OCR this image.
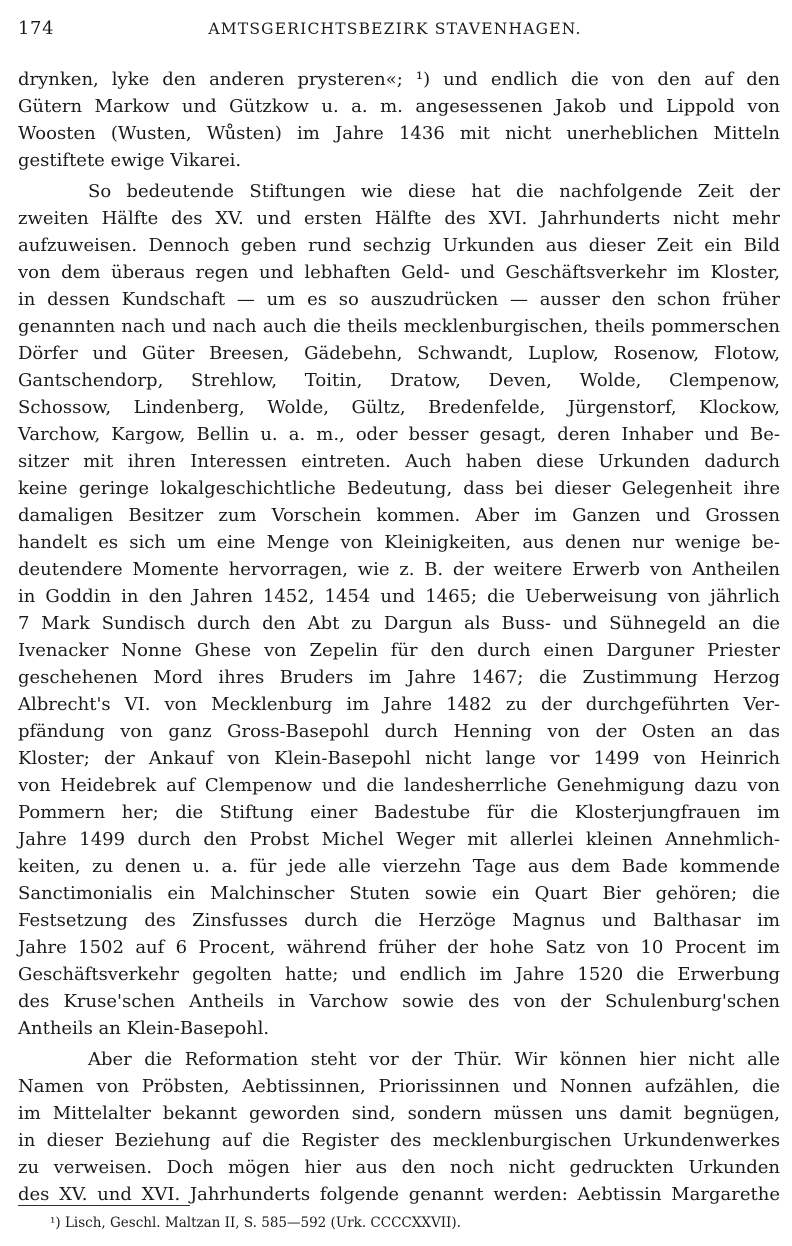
174	AMTSGERICHTSBEZIRK STAVENHAGEN.
drynken, lyke den anderen prysteren«; ¹) und endlich die von den auf den
Gütern Markow und Gützkow u. a. m. angesessenen Jakob und Lippold von
Woosten (Wusten, Wůsten) im Jahre 1436 mit nicht unerheblichen Mitteln
gestiftete ewige Vikarei.
So bedeutende Stiftungen wie diese hat die nachfolgende Zeit der
zweiten Hälfte des XV. und ersten Hälfte des XVI. Jahrhunderts nicht mehr
aufzuweisen. Dennoch geben rund sechzig Urkunden aus dieser Zeit ein Bild
von dem überaus regen und lebhaften Geld- und Geschäftsverkehr im Kloster,
in dessen Kundschaft — um es so auszudrücken — ausser den schon früher
genannten nach und nach auch die theils mecklenburgischen, theils pommerschen
Dörfer und Güter Breesen, Gädebehn, Schwandt, Luplow, Rosenow, Flotow,
Gantschendorp, Strehlow, Toitin, Dratow, Deven, Wolde, Clempenow,
Schossow, Lindenberg, Wolde, Gültz, Bredenfelde, Jürgenstorf, Klockow,
Varchow, Kargow, Bellin u. a. m., oder besser gesagt, deren Inhaber und Be-
sitzer mit ihren Interessen eintreten. Auch haben diese Urkunden dadurch
keine geringe lokalgeschichtliche Bedeutung, dass bei dieser Gelegenheit ihre
damaligen Besitzer zum Vorschein kommen. Aber im Ganzen und Grossen
handelt es sich um eine Menge von Kleinigkeiten, aus denen nur wenige be-
deutendere Momente hervorragen, wie z. B. der weitere Erwerb von Antheilen
in Goddin in den Jahren 1452, 1454 und 1465; die Ueberweisung von jährlich
7 Mark Sundisch durch den Abt zu Dargun als Buss- und Sühnegeld an die
Ivenacker Nonne Ghese von Zepelin für den durch einen Darguner Priester
geschehenen Mord ihres Bruders im Jahre 1467; die Zustimmung Herzog
Albrecht's VI. von Mecklenburg im Jahre 1482 zu der durchgeführten Ver-
pfändung von ganz Gross-Basepohl durch Henning von der Osten an das
Kloster; der Ankauf von Klein-Basepohl nicht lange vor 1499 von Heinrich
von Heidebrek auf Clempenow und die landesherrliche Genehmigung dazu von
Pommern her; die Stiftung einer Badestube für die Klosterjungfrauen im
Jahre 1499 durch den Probst Michel Weger mit allerlei kleinen Annehmlich-
keiten, zu denen u. a. für jede alle vierzehn Tage aus dem Bade kommende
Sanctimonialis ein Malchinscher Stuten sowie ein Quart Bier gehören; die
Festsetzung des Zinsfusses durch die Herzöge Magnus und Balthasar im
Jahre 1502 auf 6 Procent, während früher der hohe Satz von 10 Procent im
Geschäftsverkehr gegolten hatte; und endlich im Jahre 1520 die Erwerbung
des Kruse'schen Antheils in Varchow sowie des von der Schulenburg'schen
Antheils an Klein-Basepohl.
Aber die Reformation steht vor der Thür. Wir können hier nicht alle
Namen von Pröbsten, Aebtissinnen, Priorissinnen und Nonnen aufzählen, die
im Mittelalter bekannt geworden sind, sondern müssen uns damit begnügen,
in dieser Beziehung auf die Register des mecklenburgischen Urkundenwerkes
zu verweisen. Doch mögen hier aus den noch nicht gedruckten Urkunden
des XV. und XVI. Jahrhunderts folgende genannt werden: Aebtissin Margarethe
¹) Lisch, Geschl. Maltzan II, S. 585—592 (Urk. CCCCXXVII).
